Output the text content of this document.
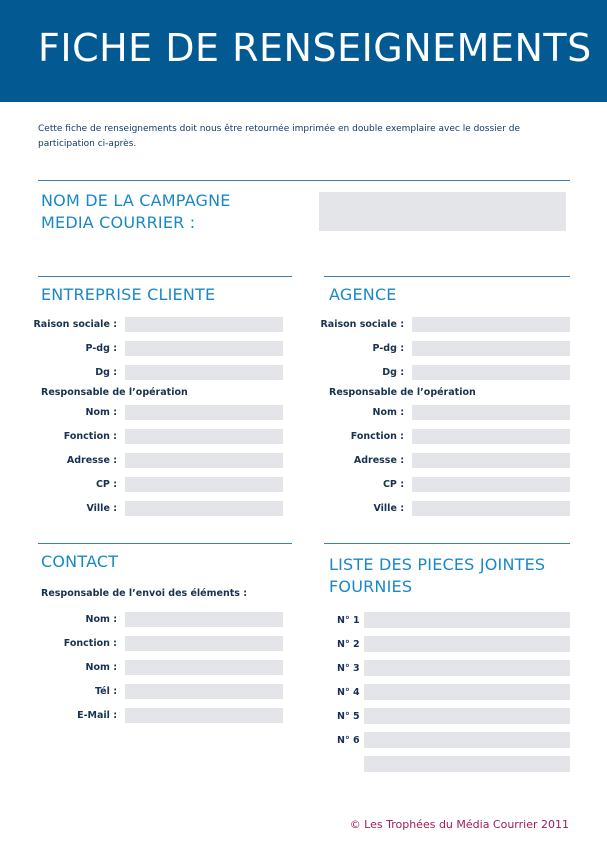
FICHE DE RENSEIGNEMENTS
Cette fiche de renseignements doit nous être retournée imprimée en double exemplaire avec le dossier de participation ci-après.
NOM DE LA CAMPAGNE
MEDIA COURRIER :
ENTREPRISE CLIENTE
Raison sociale :
P-dg :
Dg :
Responsable de l’opération
Nom :
Fonction :
Adresse :
CP :
Ville :
AGENCE
Raison sociale :
P-dg :
Dg :
Responsable de l’opération
Nom :
Fonction :
Adresse :
CP :
Ville :
CONTACT
Responsable de l’envoi des éléments :
Nom :
Fonction :
Nom :
Tél :
E-Mail :
LISTE DES PIECES JOINTES
FOURNIES
N° 1
N° 2
N° 3
N° 4
N° 5
N° 6
© Les Trophées du Média Courrier 2011
